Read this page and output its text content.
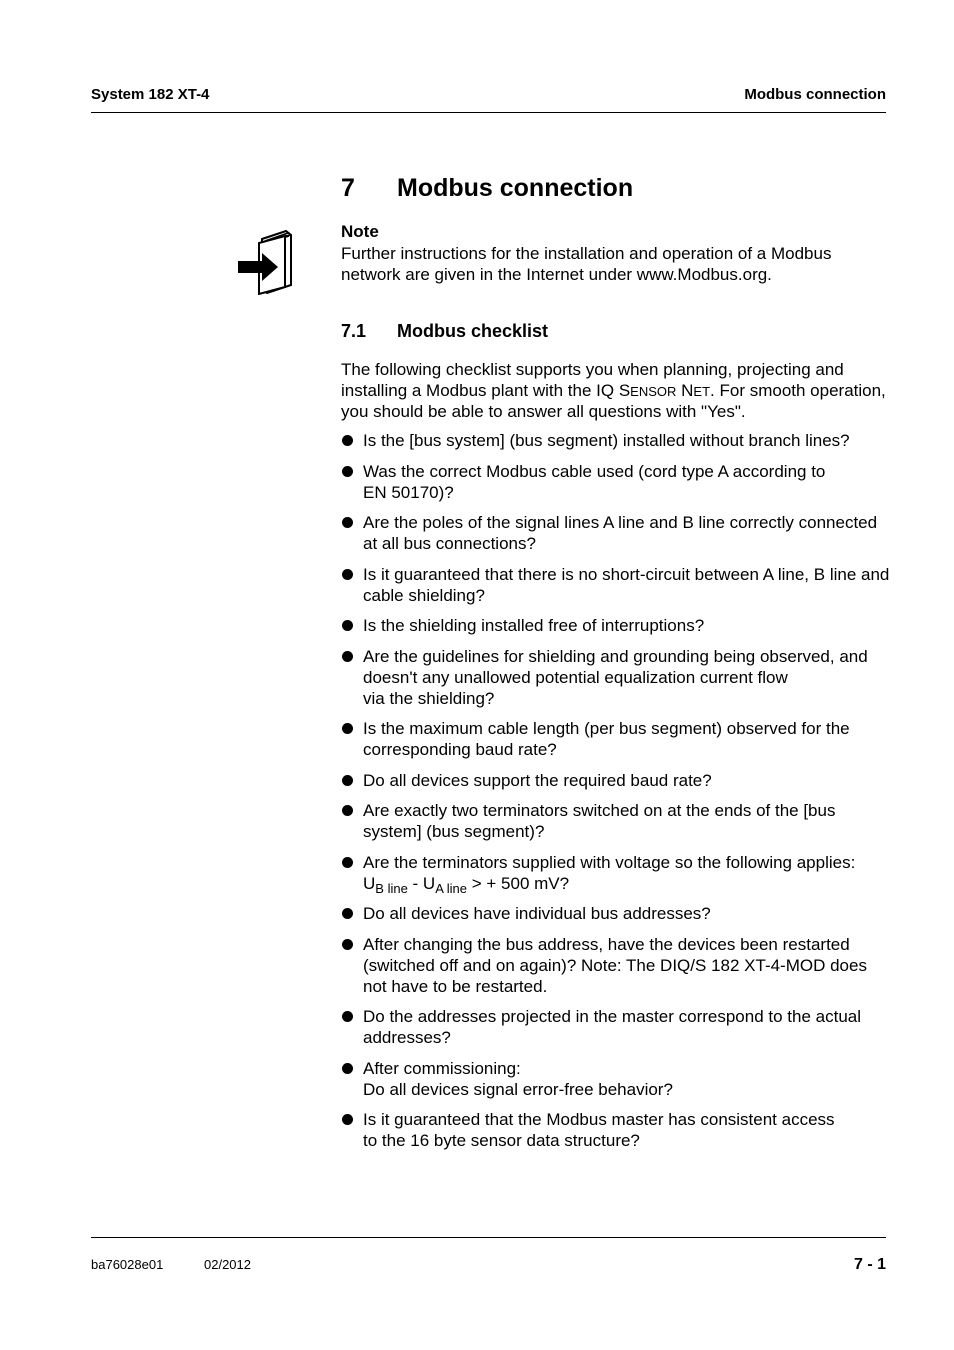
System 182 XT-4	Modbus connection
7 Modbus connection
Note
Further instructions for the installation and operation of a Modbus network are given in the Internet under www.Modbus.org.
7.1 Modbus checklist
The following checklist supports you when planning, projecting and installing a Modbus plant with the IQ SENSOR NET. For smooth operation, you should be able to answer all questions with "Yes".
Is the [bus system] (bus segment) installed without branch lines?
Was the correct Modbus cable used (cord type A according to
EN 50170)?
Are the poles of the signal lines A line and B line correctly connected at all bus connections?
Is it guaranteed that there is no short-circuit between A line, B line and cable shielding?
Is the shielding installed free of interruptions?
Are the guidelines for shielding and grounding being observed, and doesn't any unallowed potential equalization current flow
via the shielding?
Is the maximum cable length (per bus segment) observed for the corresponding baud rate?
Do all devices support the required baud rate?
Are exactly two terminators switched on at the ends of the [bus system] (bus segment)?
Are the terminators supplied with voltage so the following applies:
$U_{B line} - U_{A line}$ > + 500 mV?
Do all devices have individual bus addresses?
After changing the bus address, have the devices been restarted (switched off and on again)? Note: The DIQ/S 182 XT-4-MOD does not have to be restarted.
Do the addresses projected in the master correspond to the actual addresses?
After commissioning:
Do all devices signal error-free behavior?
Is it guaranteed that the Modbus master has consistent access
to the 16 byte sensor data structure?
ba76028e01	02/2012	7 - 1
